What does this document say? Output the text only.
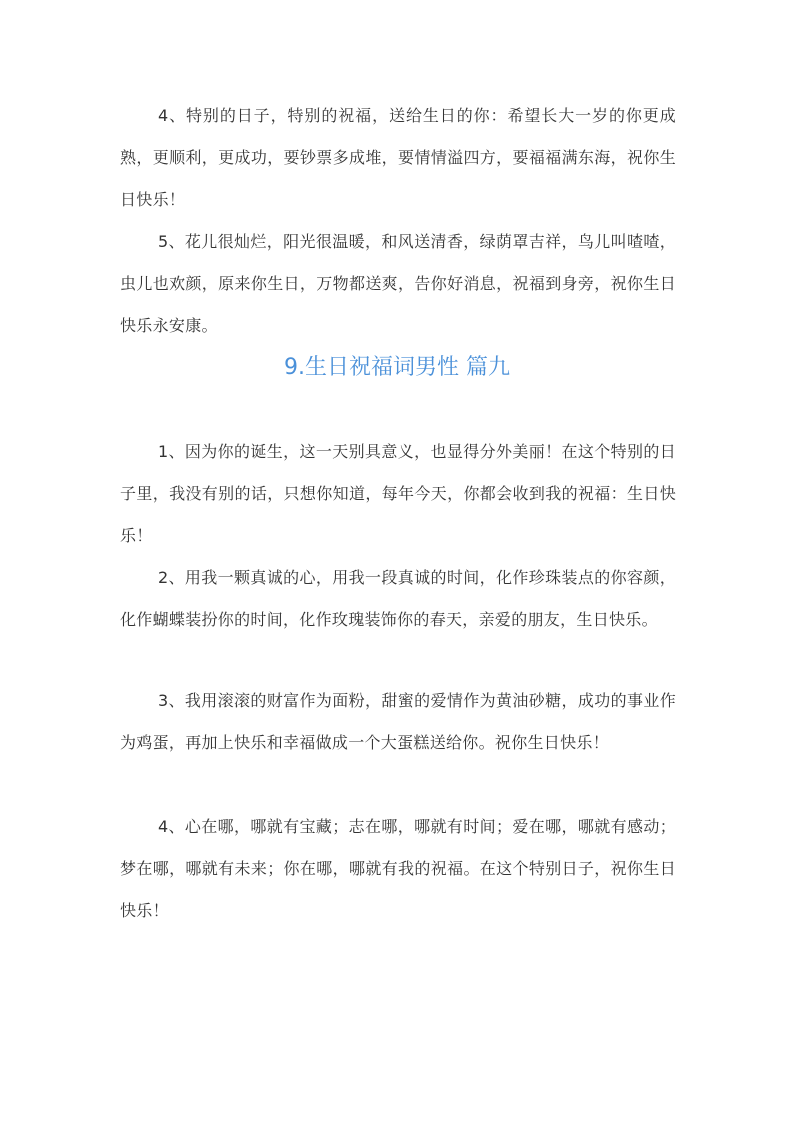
4、特别的日子，特别的祝福，送给生日的你：希望长大一岁的你更成熟，更顺利，更成功，要钞票多成堆，要情情溢四方，要福福满东海，祝你生日快乐！

5、花儿很灿烂，阳光很温暖，和风送清香，绿荫罩吉祥，鸟儿叫喳喳，虫儿也欢颜，原来你生日，万物都送爽，告你好消息，祝福到身旁，祝你生日快乐永安康。

9.生日祝福词男性 篇九

1、因为你的诞生，这一天别具意义，也显得分外美丽！在这个特别的日子里，我没有别的话，只想你知道，每年今天，你都会收到我的祝福：生日快乐！

2、用我一颗真诚的心，用我一段真诚的时间，化作珍珠装点的你容颜，化作蝴蝶装扮你的时间，化作玫瑰装饰你的春天，亲爱的朋友，生日快乐。

3、我用滚滚的财富作为面粉，甜蜜的爱情作为黄油砂糖，成功的事业作为鸡蛋，再加上快乐和幸福做成一个大蛋糕送给你。祝你生日快乐！

4、心在哪，哪就有宝藏；志在哪，哪就有时间；爱在哪，哪就有感动；梦在哪，哪就有未来；你在哪，哪就有我的祝福。在这个特别日子，祝你生日快乐！
